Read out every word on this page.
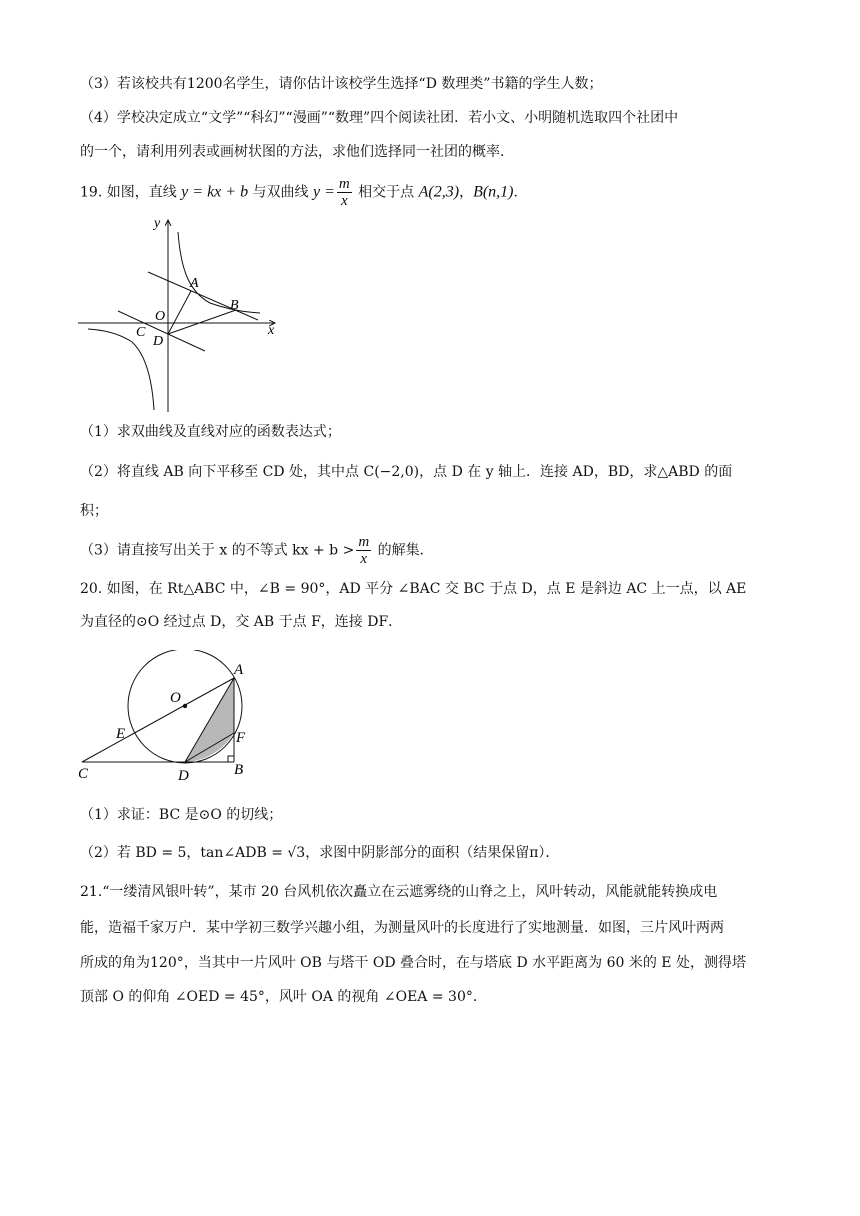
（3）若该校共有1200名学生，请你估计该校学生选择“D 数理类”书籍的学生人数；
（4）学校决定成立“文学”“科幻”“漫画”“数理”四个阅读社团．若小文、小明随机选取四个社团中
的一个，请利用列表或画树状图的方法，求他们选择同一社团的概率．
19. 如图，直线 y = kx + b 与双曲线 $y = \frac{m}{x}$ 相交于点 A(2,3)，B(n,1)．
y
x
O
A
B
C
D
（1）求双曲线及直线对应的函数表达式；
（2）将直线 AB 向下平移至 CD 处，其中点 C(−2,0)，点 D 在 y 轴上．连接 AD，BD，求△ABD 的面
积；
（3）请直接写出关于 x 的不等式 kx + $b > \frac{m}{x}$ 的解集．
20. 如图，在 Rt△ABC 中，∠B = 90°，AD 平分 ∠BAC 交 BC 于点 D，点 E 是斜边 AC 上一点，以 AE
为直径的⊙O 经过点 D，交 AB 于点 F，连接 DF．
A
O
E	F
C	D	B
（1）求证：BC 是⊙O 的切线；
（2）若 BD = 5，tan∠ADB = √3，求图中阴影部分的面积（结果保留π）．
21.“一缕清风银叶转”，某市 20 台风机依次矗立在云遮雾绕的山脊之上，风叶转动，风能就能转换成电
能，造福千家万户．某中学初三数学兴趣小组，为测量风叶的长度进行了实地测量．如图，三片风叶两两
所成的角为120°，当其中一片风叶 OB 与塔干 OD 叠合时，在与塔底 D 水平距离为 60 米的 E 处，测得塔
顶部 O 的仰角 ∠OED = 45°，风叶 OA 的视角 ∠OEA = 30°．
